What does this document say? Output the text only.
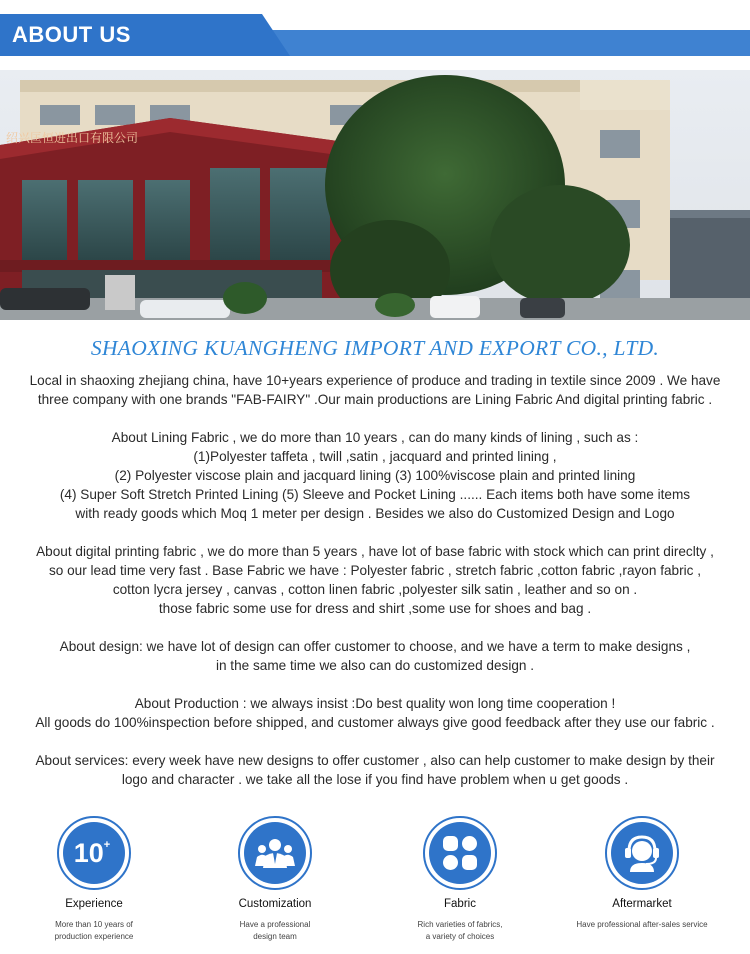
ABOUT US
绍兴匡恒进出口有限公司
SHAOXING KUANGHENG IMPORT AND EXPORT CO., LTD.
Local in shaoxing zhejiang china, have 10+years experience of produce and trading in textile since 2009 . We have
three company with one brands "FAB-FAIRY" .Our main productions are Lining Fabric And digital printing fabric .
About Lining Fabric , we do more than 10 years , can do many kinds of lining , such as :
(1)Polyester taffeta , twill ,satin , jacquard and printed lining ,
(2) Polyester viscose plain and jacquard lining (3) 100%viscose plain and printed lining
(4) Super Soft Stretch Printed Lining (5) Sleeve and Pocket Lining ...... Each items both have some items
with ready goods which Moq 1 meter per design . Besides we also do Customized Design and Logo
About digital printing fabric , we do more than 5 years , have lot of base fabric with stock which can print direclty ,
so our lead time very fast . Base Fabric we have : Polyester fabric , stretch fabric ,cotton fabric ,rayon fabric ,
cotton lycra jersey , canvas , cotton linen fabric ,polyester silk satin , leather and so on .
those fabric some use for dress and shirt ,some use for shoes and bag .
About design: we have lot of design can offer customer to choose, and we have a term to make designs ,
in the same time we also can do customized design .
About Production : we always insist :Do best quality won long time cooperation !
All goods do 100%inspection before shipped, and customer always give good feedback after they use our fabric .
About services: every week have new designs to offer customer , also can help customer to make design by their
logo and character . we take all the lose if you find have problem when u get goods .
10+
Experience
More than 10 years of
production experience
Customization
Have a professional
design team
Fabric
Rich varieties of fabrics,
a variety of choices
Aftermarket
Have professional after-sales service
